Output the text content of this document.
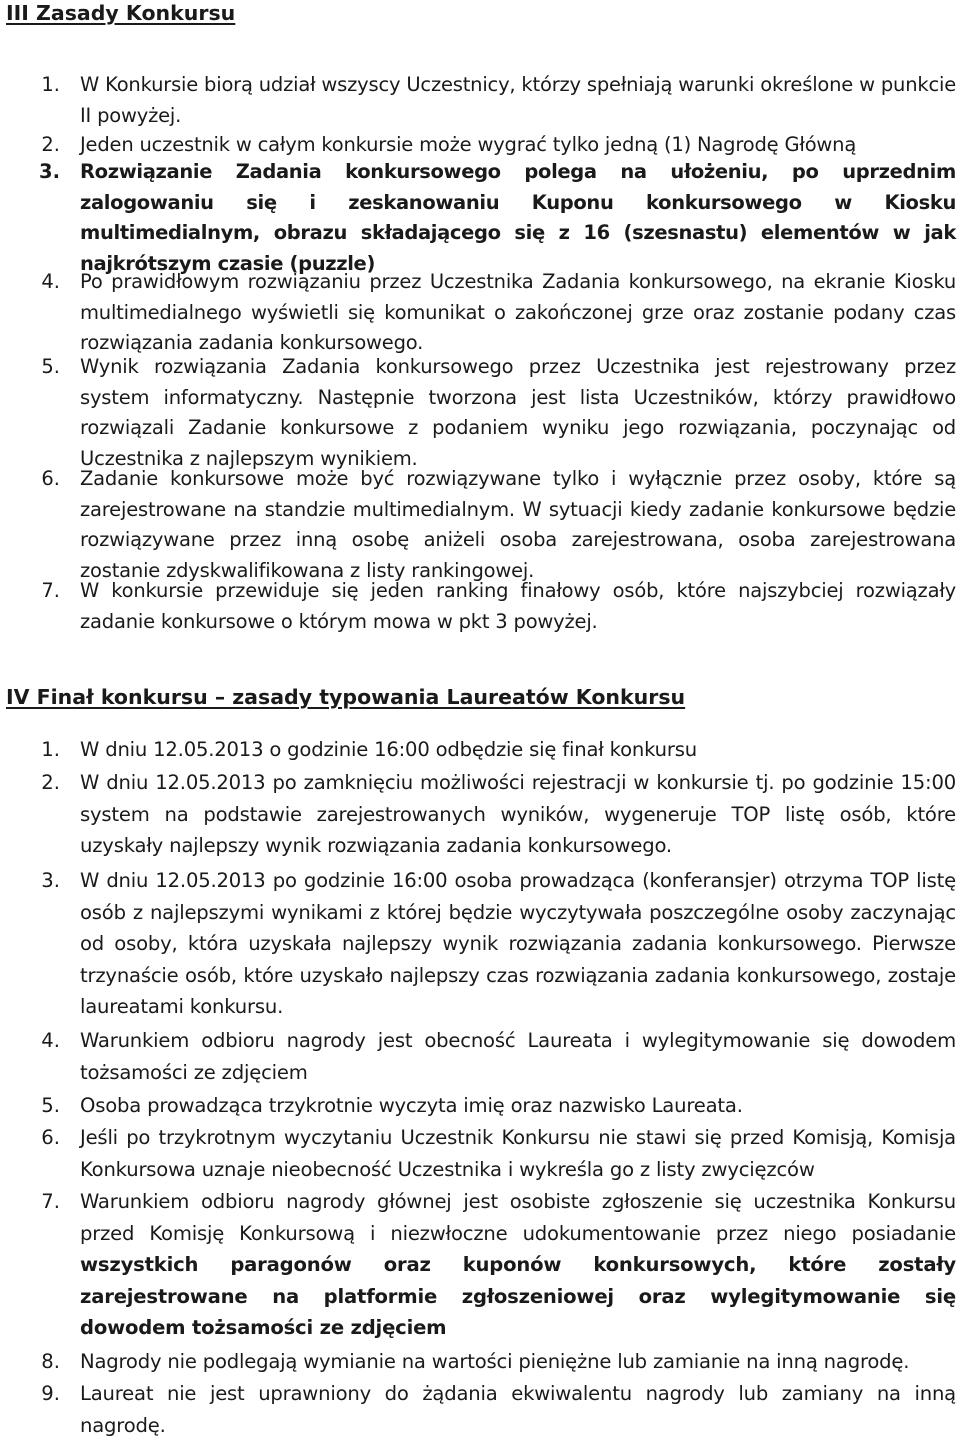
III Zasady Konkursu
1. W Konkursie biorą udział wszyscy Uczestnicy, którzy spełniają warunki określone w punkcie II powyżej.

2. Jeden uczestnik w całym konkursie może wygrać tylko jedną (1) Nagrodę Główną

3. Rozwiązanie Zadania konkursowego polega na ułożeniu, po uprzednim zalogowaniu się i zeskanowaniu Kuponu konkursowego w Kiosku multimedialnym, obrazu składającego się z 16 (szesnastu) elementów w jak najkrótszym czasie (puzzle)

4. Po prawidłowym rozwiązaniu przez Uczestnika Zadania konkursowego, na ekranie Kiosku multimedialnego wyświetli się komunikat o zakończonej grze oraz zostanie podany czas rozwiązania zadania konkursowego.

5. Wynik rozwiązania Zadania konkursowego przez Uczestnika jest rejestrowany przez system informatyczny. Następnie tworzona jest lista Uczestników, którzy prawidłowo rozwiązali Zadanie konkursowe z podaniem wyniku jego rozwiązania, poczynając od Uczestnika z najlepszym wynikiem.

6. Zadanie konkursowe może być rozwiązywane tylko i wyłącznie przez osoby, które są zarejestrowane na standzie multimedialnym. W sytuacji kiedy zadanie konkursowe będzie rozwiązywane przez inną osobę aniżeli osoba zarejestrowana, osoba zarejestrowana zostanie zdyskwalifikowana z listy rankingowej.

7. W konkursie przewiduje się jeden ranking finałowy osób, które najszybciej rozwiązały zadanie konkursowe o którym mowa w pkt 3 powyżej.

IV Finał konkursu – zasady typowania Laureatów Konkursu
1. W dniu 12.05.2013 o godzinie 16:00 odbędzie się finał konkursu

2. W dniu 12.05.2013 po zamknięciu możliwości rejestracji w konkursie tj. po godzinie 15:00 system na podstawie zarejestrowanych wyników, wygeneruje TOP listę osób, które uzyskały najlepszy wynik rozwiązania zadania konkursowego.

3. W dniu 12.05.2013 po godzinie 16:00 osoba prowadząca (konferansjer) otrzyma TOP listę osób z najlepszymi wynikami z której będzie wyczytywała poszczególne osoby zaczynając od osoby, która uzyskała najlepszy wynik rozwiązania zadania konkursowego. Pierwsze trzynaście osób, które uzyskało najlepszy czas rozwiązania zadania konkursowego, zostaje laureatami konkursu.

4. Warunkiem odbioru nagrody jest obecność Laureata i wylegitymowanie się dowodem tożsamości ze zdjęciem

5. Osoba prowadząca trzykrotnie wyczyta imię oraz nazwisko Laureata.

6. Jeśli po trzykrotnym wyczytaniu Uczestnik Konkursu nie stawi się przed Komisją, Komisja Konkursowa uznaje nieobecność Uczestnika i wykreśla go z listy zwycięzców

7. Warunkiem odbioru nagrody głównej jest osobiste zgłoszenie się uczestnika Konkursu przed Komisję Konkursową i niezwłoczne udokumentowanie przez niego posiadanie wszystkich paragonów oraz kuponów konkursowych, które zostały zarejestrowane na platformie zgłoszeniowej oraz wylegitymowanie się dowodem tożsamości ze zdjęciem

8. Nagrody nie podlegają wymianie na wartości pieniężne lub zamianie na inną nagrodę.

9. Laureat nie jest uprawniony do żądania ekwiwalentu nagrody lub zamiany na inną nagrodę.
